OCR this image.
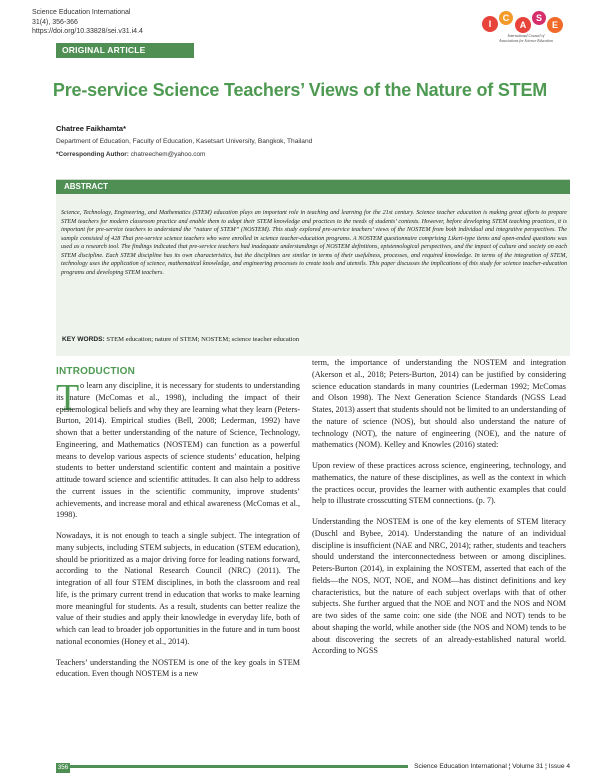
Science Education International
31(4), 356-366
https://doi.org/10.33828/sei.v31.i4.4
I
C
A
S
E
International Council of
Associations for Science Education
ORIGINAL ARTICLE
Pre-service Science Teachers’ Views of the Nature of STEM
Chatree Faikhamta*
Department of Education, Faculty of Education, Kasetsart University, Bangkok, Thailand
*Corresponding Author: chatreechem@yahoo.com
ABSTRACT
Science, Technology, Engineering, and Mathematics (STEM) education plays an important role in teaching and learning for the 21st century. Science teacher education is making great efforts to prepare STEM teachers for modern classroom practice and enable them to adapt their STEM knowledge and practices to the needs of students’ contexts. However, before developing STEM teaching practices, it is important for pre-service teachers to understand the “nature of STEM” (NOSTEM). This study explored pre-service teachers’ views of the NOSTEM from both individual and integrative perspectives. The sample consisted of 428 Thai pre-service science teachers who were enrolled in science teacher-education programs. A NOSTEM questionnaire comprising Likert-type items and open-ended questions was used as a research tool. The findings indicated that pre-service teachers had inadequate understandings of NOSTEM definitions, epistemological perspectives, and the impact of culture and society on each STEM discipline. Each STEM discipline has its own characteristics, but the disciplines are similar in terms of their usefulness, processes, and required knowledge. In terms of the integration of STEM, technology uses the application of science, mathematical knowledge, and engineering processes to create tools and utensils. This paper discusses the implications of this study for science teacher-education programs and developing STEM teachers.
KEY WORDS: STEM education; nature of STEM; NOSTEM; science teacher education
INTRODUCTION
T o learn any discipline, it is necessary for students to understanding its nature (McComas et al., 1998), including the impact of their epistemological beliefs and why they are learning what they learn (Peters-Burton, 2014). Empirical studies (Bell, 2008; Lederman, 1992) have shown that a better understanding of the nature of Science, Technology, Engineering, and Mathematics (NOSTEM) can function as a powerful means to develop various aspects of science students’ education, helping students to better understand scientific content and maintain a positive attitude toward science and scientific attitudes. It can also help to address the current issues in the scientific community, improve students’ achievements, and increase moral and ethical awareness (McComas et al., 1998).

Nowadays, it is not enough to teach a single subject. The integration of many subjects, including STEM subjects, in education (STEM education), should be prioritized as a major driving force for leading nations forward, according to the National Research Council (NRC) (2011). The integration of all four STEM disciplines, in both the classroom and real life, is the primary current trend in education that works to make learning more meaningful for students. As a result, students can better realize the value of their studies and apply their knowledge in everyday life, both of which can lead to broader job opportunities in the future and in turn boost national economies (Honey et al., 2014).

Teachers’ understanding the NOSTEM is one of the key goals in STEM education. Even though NOSTEM is a new

term, the importance of understanding the NOSTEM and integration (Akerson et al., 2018; Peters-Burton, 2014) can be justified by considering science education standards in many countries (Lederman 1992; McComas and Olson 1998). The Next Generation Science Standards (NGSS Lead States, 2013) assert that students should not be limited to an understanding of the nature of science (NOS), but should also understand the nature of technology (NOT), the nature of engineering (NOE), and the nature of mathematics (NOM). Kelley and Knowles (2016) stated:

Upon review of these practices across science, engineering, technology, and mathematics, the nature of these disciplines, as well as the context in which the practices occur, provides the learner with authentic examples that could help to illustrate crosscutting STEM connections. (p. 7).

Understanding the NOSTEM is one of the key elements of STEM literacy (Duschl and Bybee, 2014). Understanding the nature of an individual discipline is insufficient (NAE and NRC, 2014); rather, students and teachers should understand the interconnectedness between or among disciplines. Peters-Burton (2014), in explaining the NOSTEM, asserted that each of the fields—the NOS, NOT, NOE, and NOM—has distinct definitions and key characteristics, but the nature of each subject overlaps with that of other subjects. She further argued that the NOE and NOT and the NOS and NOM are two sides of the same coin: one side (the NOE and NOT) tends to be about shaping the world, while another side (the NOS and NOM) tends to be about discovering the secrets of an already-established natural world. According to NGSS

356	Science Education International ¦ Volume 31 ¦ Issue 4
